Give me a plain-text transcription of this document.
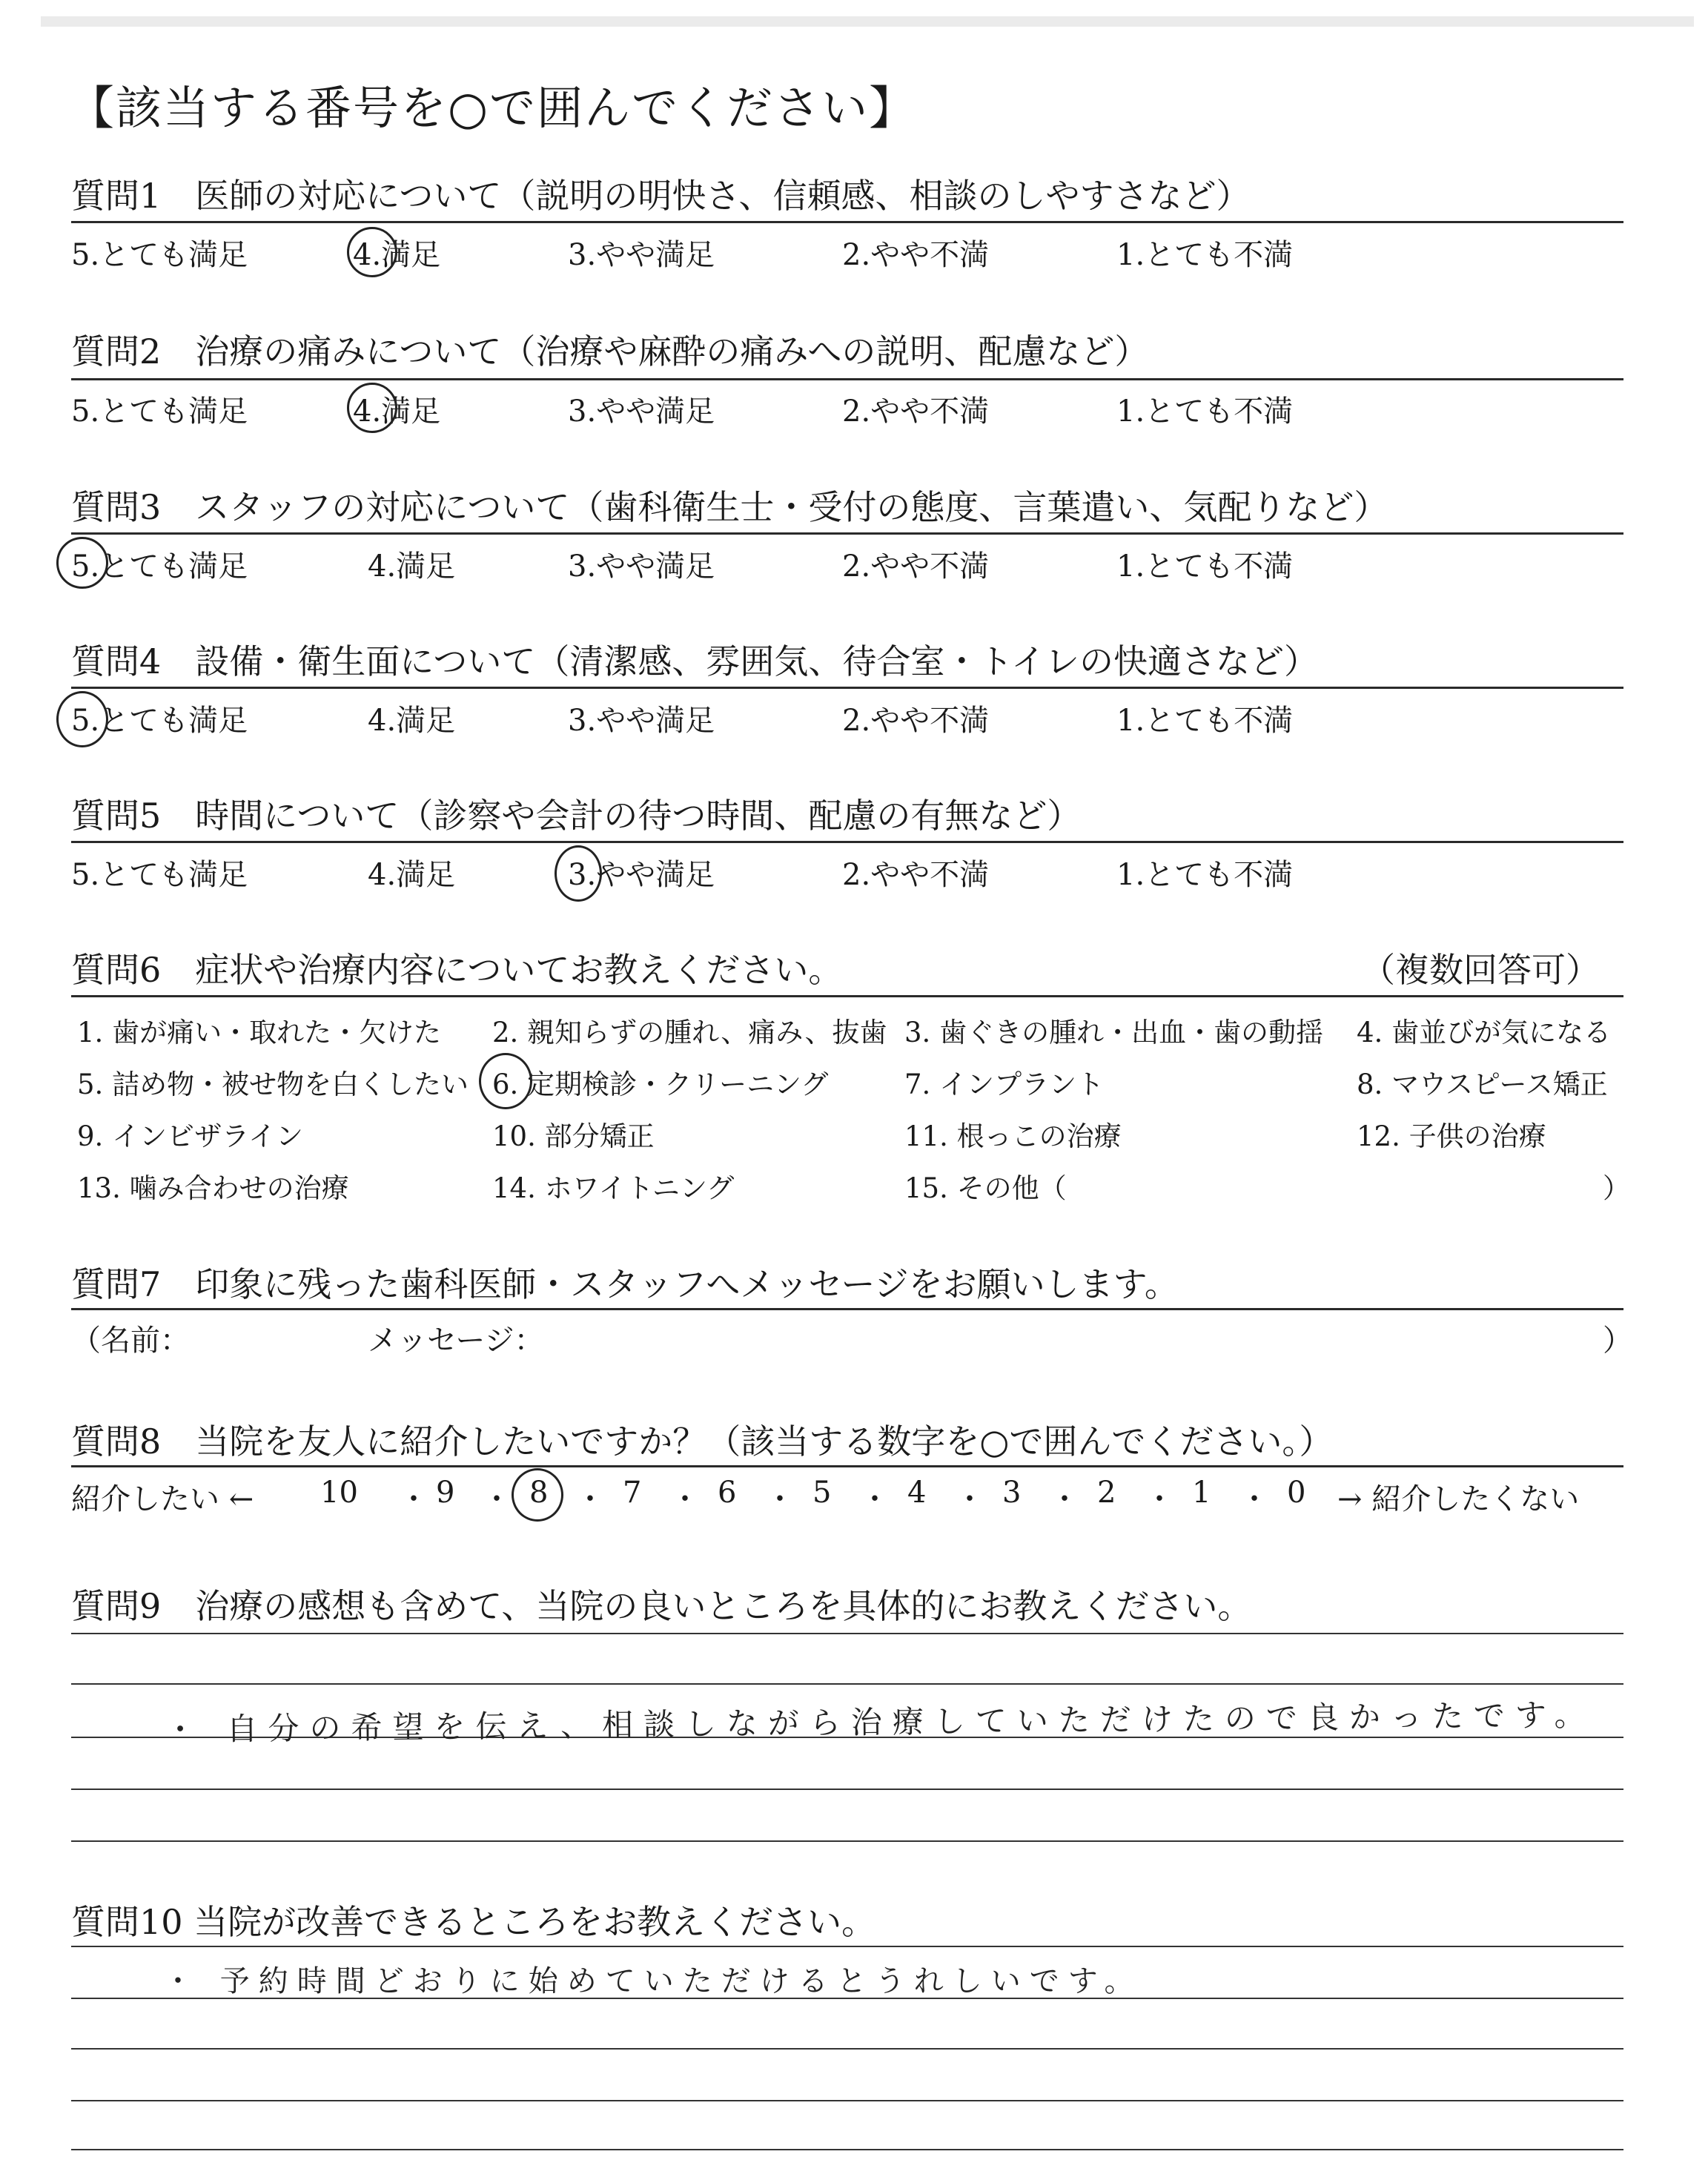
【該当する番号を○で囲んでください】
質問1　医師の対応について（説明の明快さ、信頼感、相談のしやすさなど）
5.とても満足	4.満足	3.やや満足	2.やや不満	1.とても不満
質問2　治療の痛みについて（治療や麻酔の痛みへの説明、配慮など）
5.とても満足	4.満足	3.やや満足	2.やや不満	1.とても不満
質問3　スタッフの対応について（歯科衛生士・受付の態度、言葉遣い、気配りなど）
5.とても満足	4.満足	3.やや満足	2.やや不満	1.とても不満
質問4　設備・衛生面について（清潔感、雰囲気、待合室・トイレの快適さなど）
5.とても満足	4.満足	3.やや満足	2.やや不満	1.とても不満
質問5　時間について（診察や会計の待つ時間、配慮の有無など）
5.とても満足	4.満足	3.やや満足	2.やや不満	1.とても不満
質問6　症状や治療内容についてお教えください。	（複数回答可）
1. 歯が痛い・取れた・欠けた 2. 親知らずの腫れ、痛み、抜歯 3. 歯ぐきの腫れ・出血・歯の動揺 4. 歯並びが気になる
5. 詰め物・被せ物を白くしたい 6. 定期検診・クリーニング	7. インプラント	8. マウスピース矯正
9. インビザライン	10. 部分矯正	11. 根っこの治療	12. 子供の治療
13. 噛み合わせの治療	14. ホワイトニング	15. その他（	）
質問7　印象に残った歯科医師・スタッフへメッセージをお願いします。
（名前：	メッセージ：	）
質問8　当院を友人に紹介したいですか？（該当する数字を○で囲んでください。）
紹介したい ← 10 ・ 9 ・ 8 ・ 7 ・ 6 ・ 5 ・ 4 ・ 3 ・ 2 ・ 1 ・ 0 → 紹介したくない
質問9　治療の感想も含めて、当院の良いところを具体的にお教えください。
・ 自分の希望を伝え、相談しながら治療していただけたので良かったです。
質問10 当院が改善できるところをお教えください。
・ 予約時間どおりに始めていただけるとうれしいです。
